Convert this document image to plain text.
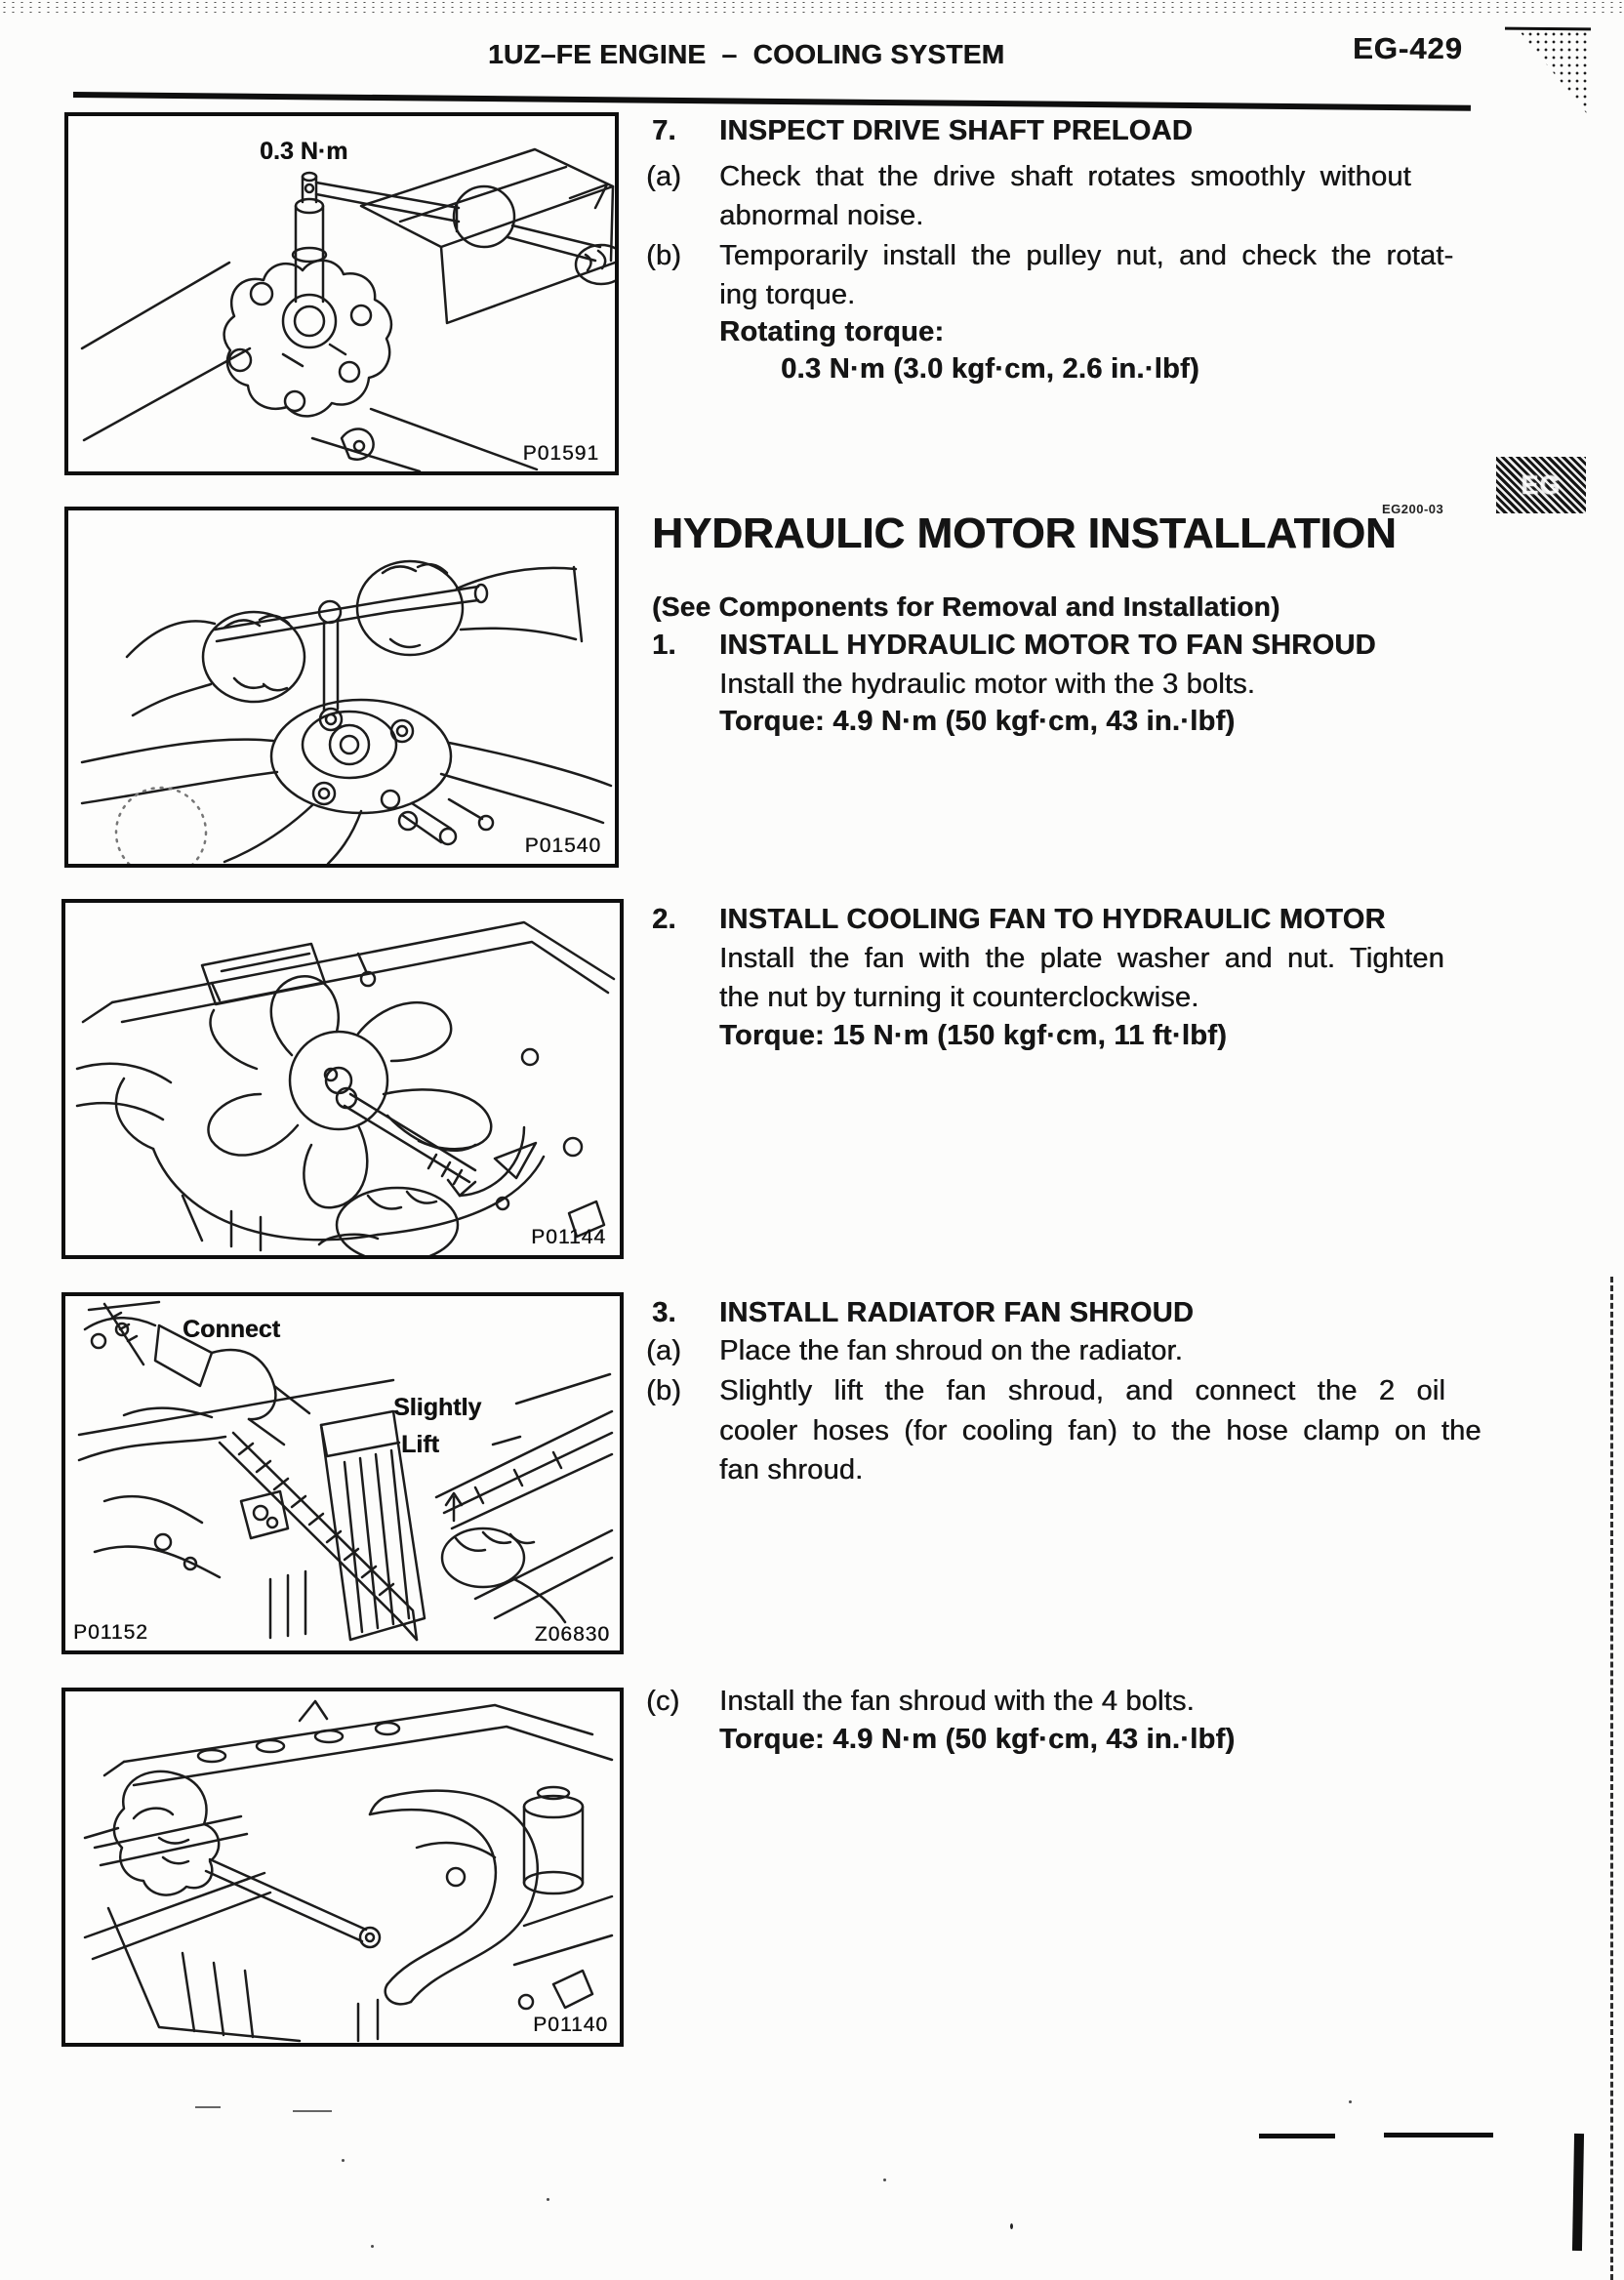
1UZ–FE ENGINE  –  COOLING SYSTEM	EG-429
0.3 N·m
P01591
P01540
P01144
Connect
Slightly
Lift
P01152	Z06830
P01140
7. INSPECT DRIVE SHAFT PRELOAD
(a) Check that the drive shaft rotates smoothly without
abnormal noise.
(b) Temporarily install the pulley nut, and check the rotat-
ing torque.
Rotating torque:
0.3 N·m (3.0 kgf·cm, 2.6 in.·lbf)
HYDRAULIC MOTOR INSTALLATION
EG200-03
EG
(See Components for Removal and Installation)
1. INSTALL HYDRAULIC MOTOR TO FAN SHROUD
Install the hydraulic motor with the 3 bolts.
Torque: 4.9 N·m (50 kgf·cm, 43 in.·lbf)
2. INSTALL COOLING FAN TO HYDRAULIC MOTOR
Install the fan with the plate washer and nut. Tighten
the nut by turning it counterclockwise.
Torque: 15 N·m (150 kgf·cm, 11 ft·lbf)
3. INSTALL RADIATOR FAN SHROUD
(a) Place the fan shroud on the radiator.
(b) Slightly lift the fan shroud, and connect the 2 oil
cooler hoses (for cooling fan) to the hose clamp on the
fan shroud.
(c) Install the fan shroud with the 4 bolts.
Torque: 4.9 N·m (50 kgf·cm, 43 in.·lbf)
